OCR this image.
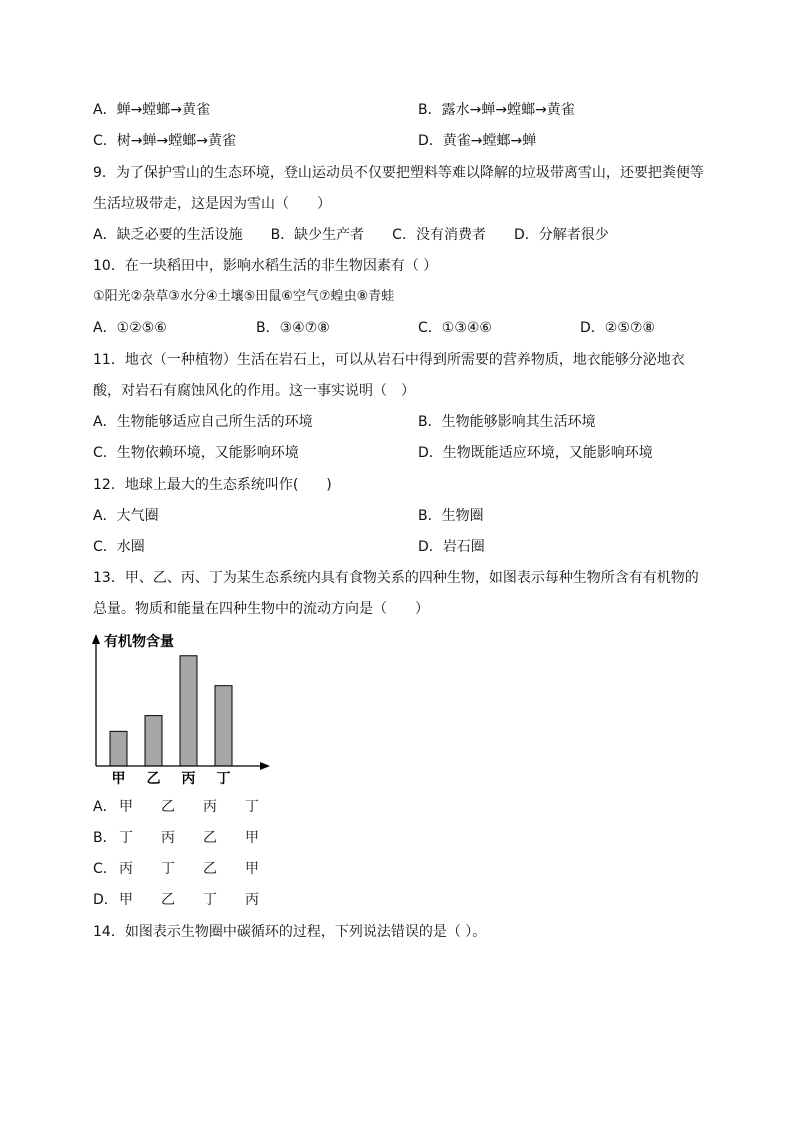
A．蝉→螳螂→黄雀	B．露水→蝉→螳螂→黄雀
C．树→蝉→螳螂→黄雀	D．黄雀→螳螂→蝉
9．为了保护雪山的生态环境，登山运动员不仅要把塑料等难以降解的垃圾带离雪山，还要把粪便等
生活垃圾带走，这是因为雪山（　　）
A．缺乏必要的生活设施　　B．缺少生产者　　C．没有消费者　　D．分解者很少
10．在一块稻田中，影响水稻生活的非生物因素有（ ）
①阳光②杂草③水分④土壤⑤田鼠⑥空气⑦蝗虫⑧青蛙
A．①②⑤⑥	B．③④⑦⑧	C．①③④⑥	D．②⑤⑦⑧
11．地衣（一种植物）生活在岩石上，可以从岩石中得到所需要的营养物质，地衣能够分泌地衣
酸，对岩石有腐蚀风化的作用。这一事实说明（　）
A．生物能够适应自己所生活的环境	B．生物能够影响其生活环境
C．生物依赖环境，又能影响环境	D．生物既能适应环境，又能影响环境
12．地球上最大的生态系统叫作(　　)
A．大气圈	B．生物圈
C．水圈	D．岩石圈
13．甲、乙、丙、丁为某生态系统内具有食物关系的四种生物，如图表示每种生物所含有有机物的
总量。物质和能量在四种生物中的流动方向是（　　）
有机物含量
甲 乙 丙 丁
A． 甲 乙 丙 丁
B． 丁 丙 乙 甲
C． 丙 丁 乙 甲
D．甲 乙 丁 丙
14．如图表示生物圈中碳循环的过程，下列说法错误的是（ ）。
